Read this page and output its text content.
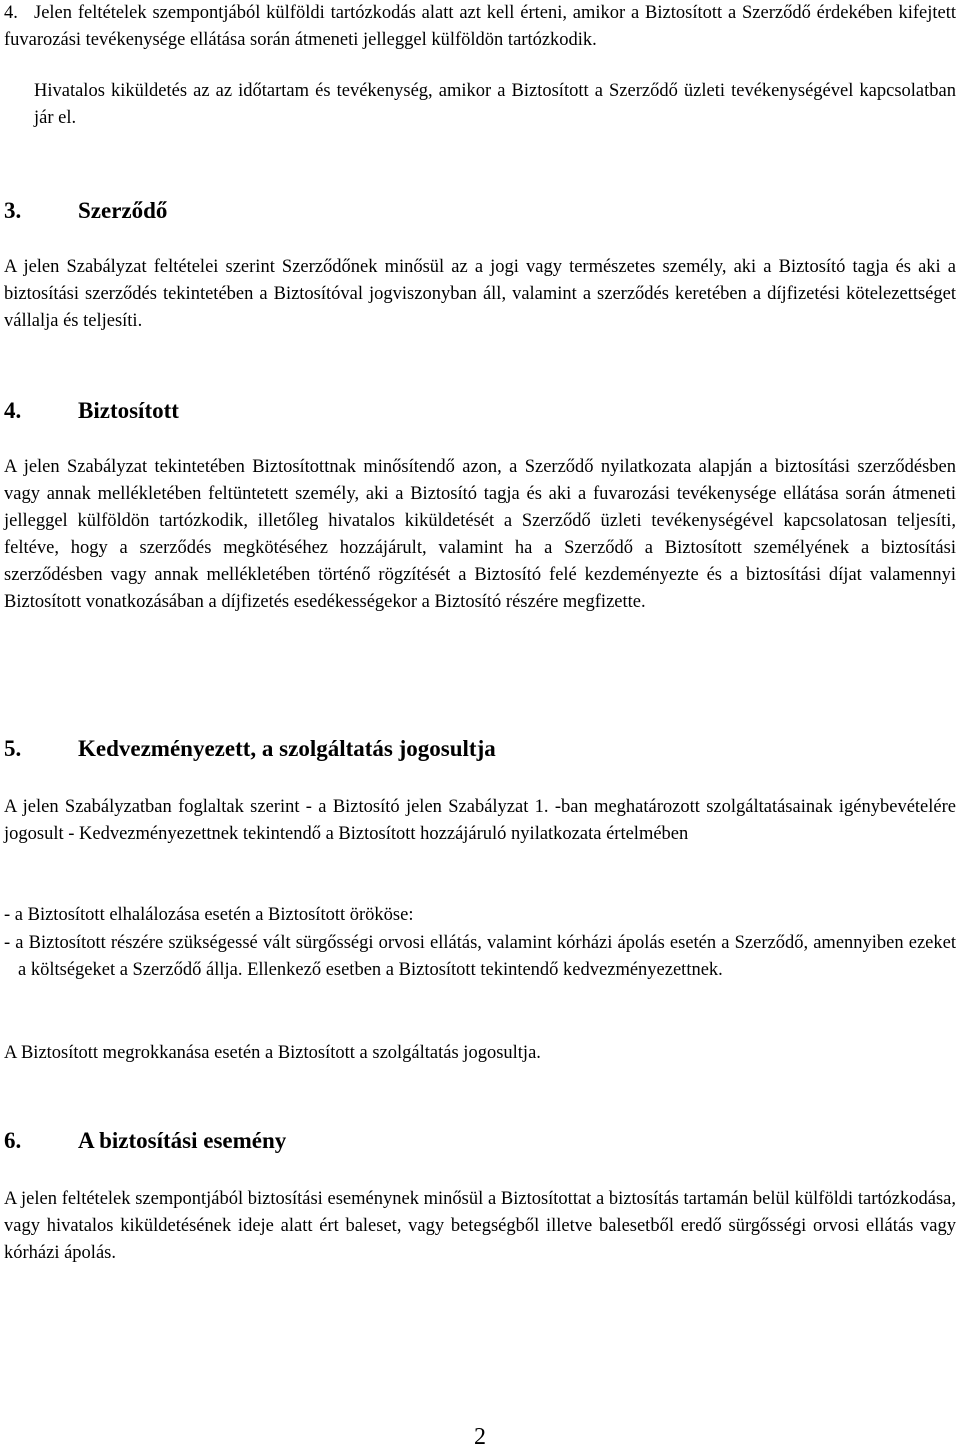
4. Jelen feltételek szempontjából külföldi tartózkodás alatt azt kell érteni, amikor a Biztosított a Szerződő érdekében kifejtett fuvarozási tevékenysége ellátása során átmeneti jelleggel külföldön tartózkodik.

Hivatalos kiküldetés az az időtartam és tevékenység, amikor a Biztosított a Szerződő üzleti tevékenységével kapcsolatban jár el.

3. Szerződő

A jelen Szabályzat feltételei szerint Szerződőnek minősül az a jogi vagy természetes személy, aki a Biztosító tagja és aki a biztosítási szerződés tekintetében a Biztosítóval jogviszonyban áll, valamint a szerződés keretében a díjfizetési kötelezettséget vállalja és teljesíti.

4. Biztosított

A jelen Szabályzat tekintetében Biztosítottnak minősítendő azon, a Szerződő nyilatkozata alapján a biztosítási szerződésben vagy annak mellékletében feltüntetett személy, aki a Biztosító tagja és aki a fuvarozási tevékenysége ellátása során átmeneti jelleggel külföldön tartózkodik, illetőleg hivatalos kiküldetését a Szerződő üzleti tevékenységével kapcsolatosan teljesíti, feltéve, hogy a szerződés megkötéséhez hozzájárult, valamint ha a Szerződő a Biztosított személyének a biztosítási szerződésben vagy annak mellékletében történő rögzítését a Biztosító felé kezdeményezte és a biztosítási díjat valamennyi Biztosított vonatkozásában a díjfizetés esedékességekor a Biztosító részére megfizette.

5. Kedvezményezett, a szolgáltatás jogosultja

A jelen Szabályzatban foglaltak szerint - a Biztosító jelen Szabályzat 1. -ban meghatározott szolgáltatásainak igénybevételére jogosult - Kedvezményezettnek tekintendő a Biztosított hozzájáruló nyilatkozata értelmében

- a Biztosított elhalálozása esetén a Biztosított örököse:

- a Biztosított részére szükségessé vált sürgősségi orvosi ellátás, valamint kórházi ápolás esetén a Szerződő, amennyiben ezeket a költségeket a Szerződő állja. Ellenkező esetben a Biztosított tekintendő kedvezményezettnek.

A Biztosított megrokkanása esetén a Biztosított a szolgáltatás jogosultja.

6. A biztosítási esemény

A jelen feltételek szempontjából biztosítási eseménynek minősül a Biztosítottat a biztosítás tartamán belül külföldi tartózkodása, vagy hivatalos kiküldetésének ideje alatt ért baleset, vagy betegségből illetve balesetből eredő sürgősségi orvosi ellátás vagy kórházi ápolás.

2
